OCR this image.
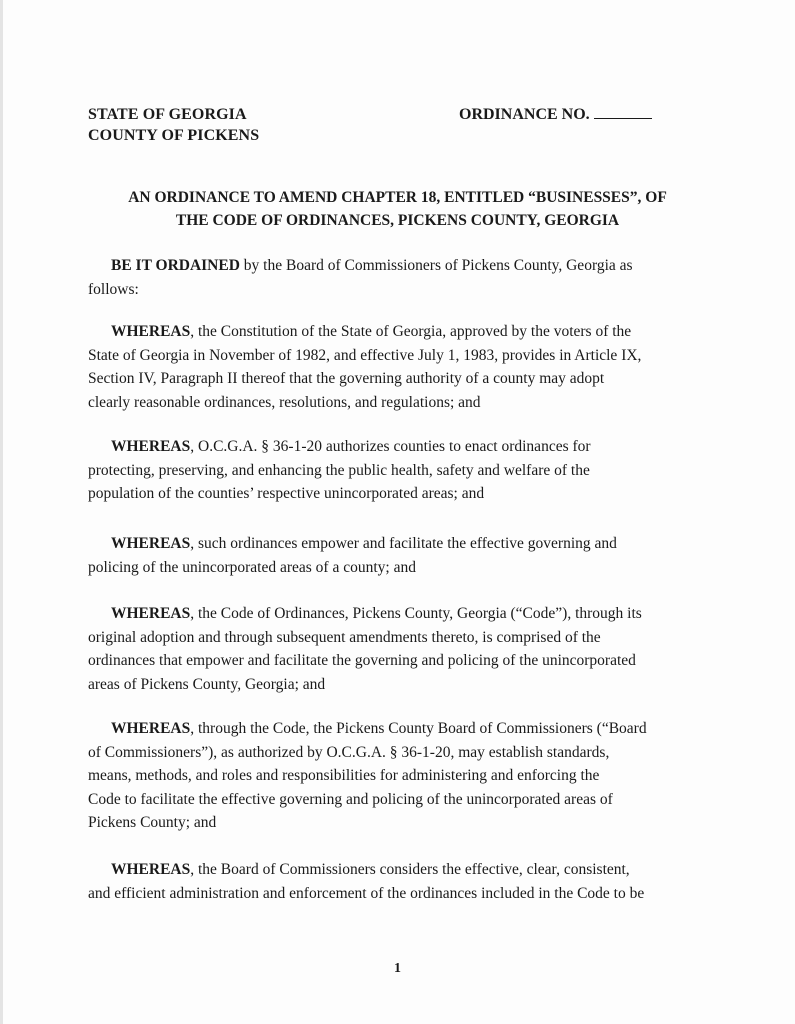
STATE OF GEORGIA
COUNTY OF PICKENS
ORDINANCE NO.
AN ORDINANCE TO AMEND CHAPTER 18, ENTITLED “BUSINESSES”, OF
THE CODE OF ORDINANCES, PICKENS COUNTY, GEORGIA

BE IT ORDAINED by the Board of Commissioners of Pickens County, Georgia as

follows:

WHEREAS, the Constitution of the State of Georgia, approved by the voters of the

State of Georgia in November of 1982, and effective July 1, 1983, provides in Article IX,

Section IV, Paragraph II thereof that the governing authority of a county may adopt

clearly reasonable ordinances, resolutions, and regulations; and

WHEREAS, O.C.G.A. § 36-1-20 authorizes counties to enact ordinances for

protecting, preserving, and enhancing the public health, safety and welfare of the

population of the counties’ respective unincorporated areas; and

WHEREAS, such ordinances empower and facilitate the effective governing and

policing of the unincorporated areas of a county; and

WHEREAS, the Code of Ordinances, Pickens County, Georgia (“Code”), through its

original adoption and through subsequent amendments thereto, is comprised of the

ordinances that empower and facilitate the governing and policing of the unincorporated

areas of Pickens County, Georgia; and

WHEREAS, through the Code, the Pickens County Board of Commissioners (“Board

of Commissioners”), as authorized by O.C.G.A. § 36-1-20, may establish standards,

means, methods, and roles and responsibilities for administering and enforcing the

Code to facilitate the effective governing and policing of the unincorporated areas of

Pickens County; and

WHEREAS, the Board of Commissioners considers the effective, clear, consistent,

and efficient administration and enforcement of the ordinances included in the Code to be

1
